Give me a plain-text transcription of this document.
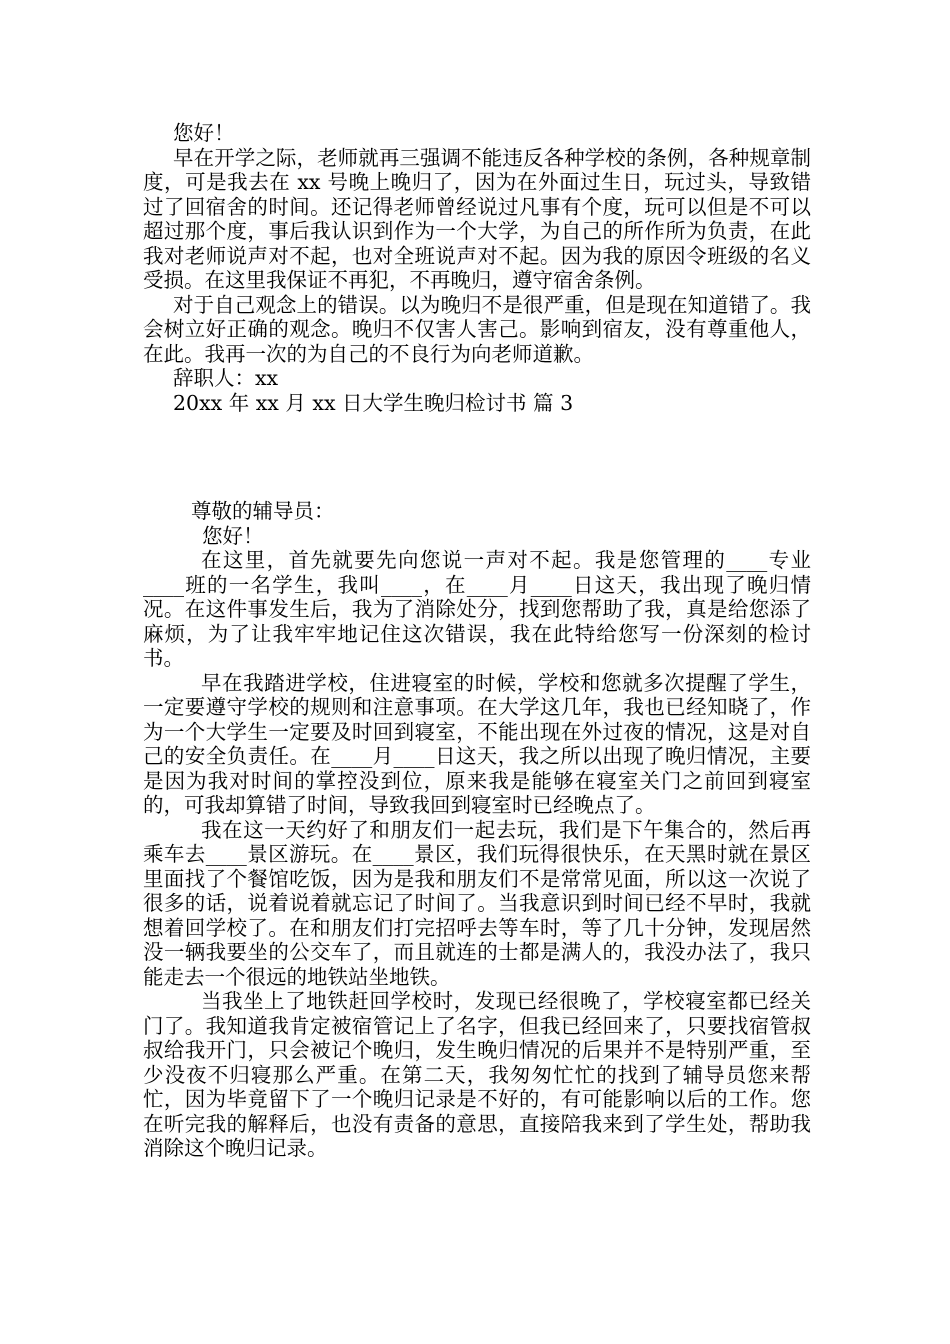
您好！

早在开学之际，老师就再三强调不能违反各种学校的条例，各种规章制度，可是我去在 xx 号晚上晚归了，因为在外面过生日，玩过头，导致错过了回宿舍的时间。还记得老师曾经说过凡事有个度，玩可以但是不可以超过那个度，事后我认识到作为一个大学，为自己的所作所为负责，在此我对老师说声对不起，也对全班说声对不起。因为我的原因令班级的名义受损。在这里我保证不再犯，不再晚归，遵守宿舍条例。

对于自己观念上的错误。以为晚归不是很严重，但是现在知道错了。我会树立好正确的观念。晚归不仅害人害己。影响到宿友，没有尊重他人，在此。我再一次的为自己的不良行为向老师道歉。

辞职人：xx

20xx 年 xx 月 xx 日大学生晚归检讨书 篇 3

尊敬的辅导员：

您好！

在这里，首先就要先向您说一声对不起。我是您管理的____专业____班的一名学生，我叫____，在____月____日这天，我出现了晚归情况。在这件事发生后，我为了消除处分，找到您帮助了我，真是给您添了麻烦，为了让我牢牢地记住这次错误，我在此特给您写一份深刻的检讨书。

早在我踏进学校，住进寝室的时候，学校和您就多次提醒了学生，一定要遵守学校的规则和注意事项。在大学这几年，我也已经知晓了，作为一个大学生一定要及时回到寝室，不能出现在外过夜的情况，这是对自己的安全负责任。在____月____日这天，我之所以出现了晚归情况，主要是因为我对时间的掌控没到位，原来我是能够在寝室关门之前回到寝室的，可我却算错了时间，导致我回到寝室时已经晚点了。

我在这一天约好了和朋友们一起去玩，我们是下午集合的，然后再乘车去____景区游玩。在____景区，我们玩得很快乐，在天黑时就在景区里面找了个餐馆吃饭，因为是我和朋友们不是常常见面，所以这一次说了很多的话，说着说着就忘记了时间了。当我意识到时间已经不早时，我就想着回学校了。在和朋友们打完招呼去等车时，等了几十分钟，发现居然没一辆我要坐的公交车了，而且就连的士都是满人的，我没办法了，我只能走去一个很远的地铁站坐地铁。

当我坐上了地铁赶回学校时，发现已经很晚了，学校寝室都已经关门了。我知道我肯定被宿管记上了名字，但我已经回来了，只要找宿管叔叔给我开门，只会被记个晚归，发生晚归情况的后果并不是特别严重，至少没夜不归寝那么严重。在第二天，我匆匆忙忙的找到了辅导员您来帮忙，因为毕竟留下了一个晚归记录是不好的，有可能影响以后的工作。您在听完我的解释后，也没有责备的意思，直接陪我来到了学生处，帮助我消除这个晚归记录。
